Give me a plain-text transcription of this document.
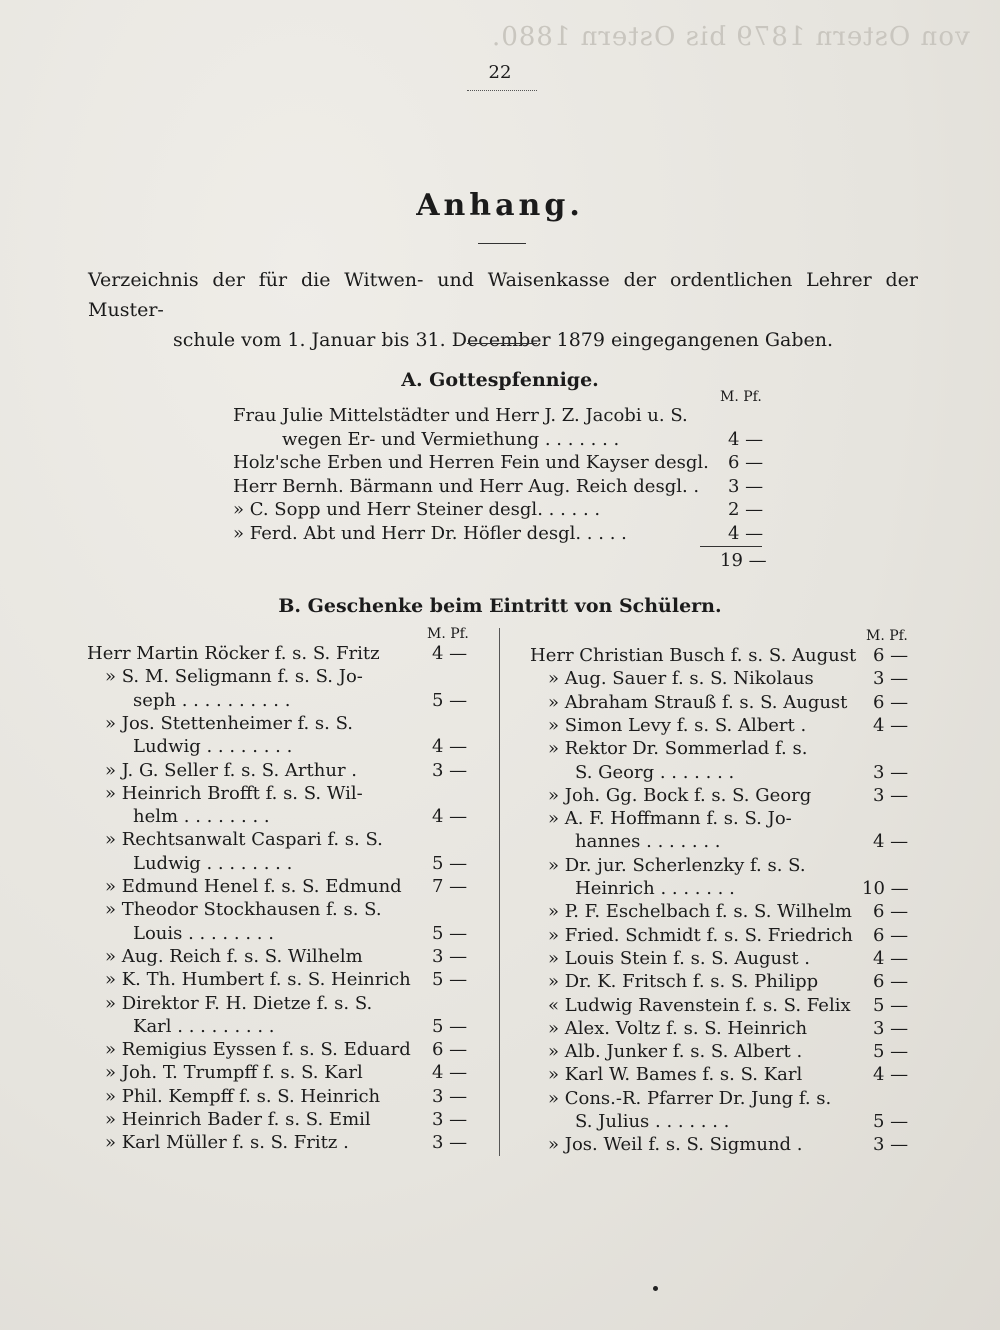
von Ostern 1879 bis Ostern 1880.
22
Anhang.
Verzeichnis der für die Witwen- und Waisenkasse der ordentlichen Lehrer der Muster-
schule vom 1. Januar bis 31. December 1879 eingegangenen Gaben.
A. Gottespfennige.
M. Pf.
Frau Julie Mittelstädter und Herr J. Z. Jacobi u. S.
wegen Er- und Vermiethung . . . . . . .	4 —
Holz'sche Erben und Herren Fein und Kayser desgl. 6 —
Herr Bernh. Bärmann und Herr Aug. Reich desgl. . 3 —
» C. Sopp und Herr Steiner desgl. . . . . .	2 —
» Ferd. Abt und Herr Dr. Höfler desgl. . . . .	4 —
19 —
B. Geschenke beim Eintritt von Schülern.
M. Pf.	M. Pf.
Herr Martin Röcker f. s. S. Fritz	4 —
» S. M. Seligmann f. s. S. Jo-
seph . . . . . . . . . .	5 —
» Jos. Stettenheimer f. s. S.
Ludwig . . . . . . . .	4 —
» J. G. Seller f. s. S. Arthur .	3 —
» Heinrich Brofft f. s. S. Wil-
helm . . . . . . . .	4 —
» Rechtsanwalt Caspari f. s. S.
Ludwig . . . . . . . .	5 —
» Edmund Henel f. s. S. Edmund 7 —
» Theodor Stockhausen f. s. S.
Louis . . . . . . . .	5 —
» Aug. Reich f. s. S. Wilhelm	3 —
» K. Th. Humbert f. s. S. Heinrich 5 —
» Direktor F. H. Dietze f. s. S.
Karl . . . . . . . . .	5 —
» Remigius Eyssen f. s. S. Eduard 6 —
» Joh. T. Trumpff f. s. S. Karl	4 —
» Phil. Kempff f. s. S. Heinrich	3 —
» Heinrich Bader f. s. S. Emil	3 —
» Karl Müller f. s. S. Fritz .	3 —
Herr Christian Busch f. s. S. August 6 —
» Aug. Sauer f. s. S. Nikolaus	3 —
» Abraham Strauß f. s. S. August 6 —
» Simon Levy f. s. S. Albert .	4 —
» Rektor Dr. Sommerlad f. s.
S. Georg . . . . . . .	3 —
» Joh. Gg. Bock f. s. S. Georg	3 —
» A. F. Hoffmann f. s. S. Jo-
hannes . . . . . . .	4 —
» Dr. jur. Scherlenzky f. s. S.
Heinrich . . . . . . .	10 —
» P. F. Eschelbach f. s. S. Wilhelm 6 —
» Fried. Schmidt f. s. S. Friedrich 6 —
» Louis Stein f. s. S. August .	4 —
» Dr. K. Fritsch f. s. S. Philipp	6 —
« Ludwig Ravenstein f. s. S. Felix 5 —
» Alex. Voltz f. s. S. Heinrich	3 —
» Alb. Junker f. s. S. Albert .	5 —
» Karl W. Bames f. s. S. Karl	4 —
» Cons.-R. Pfarrer Dr. Jung f. s.
S. Julius . . . . . . .	5 —
» Jos. Weil f. s. S. Sigmund .	3 —
